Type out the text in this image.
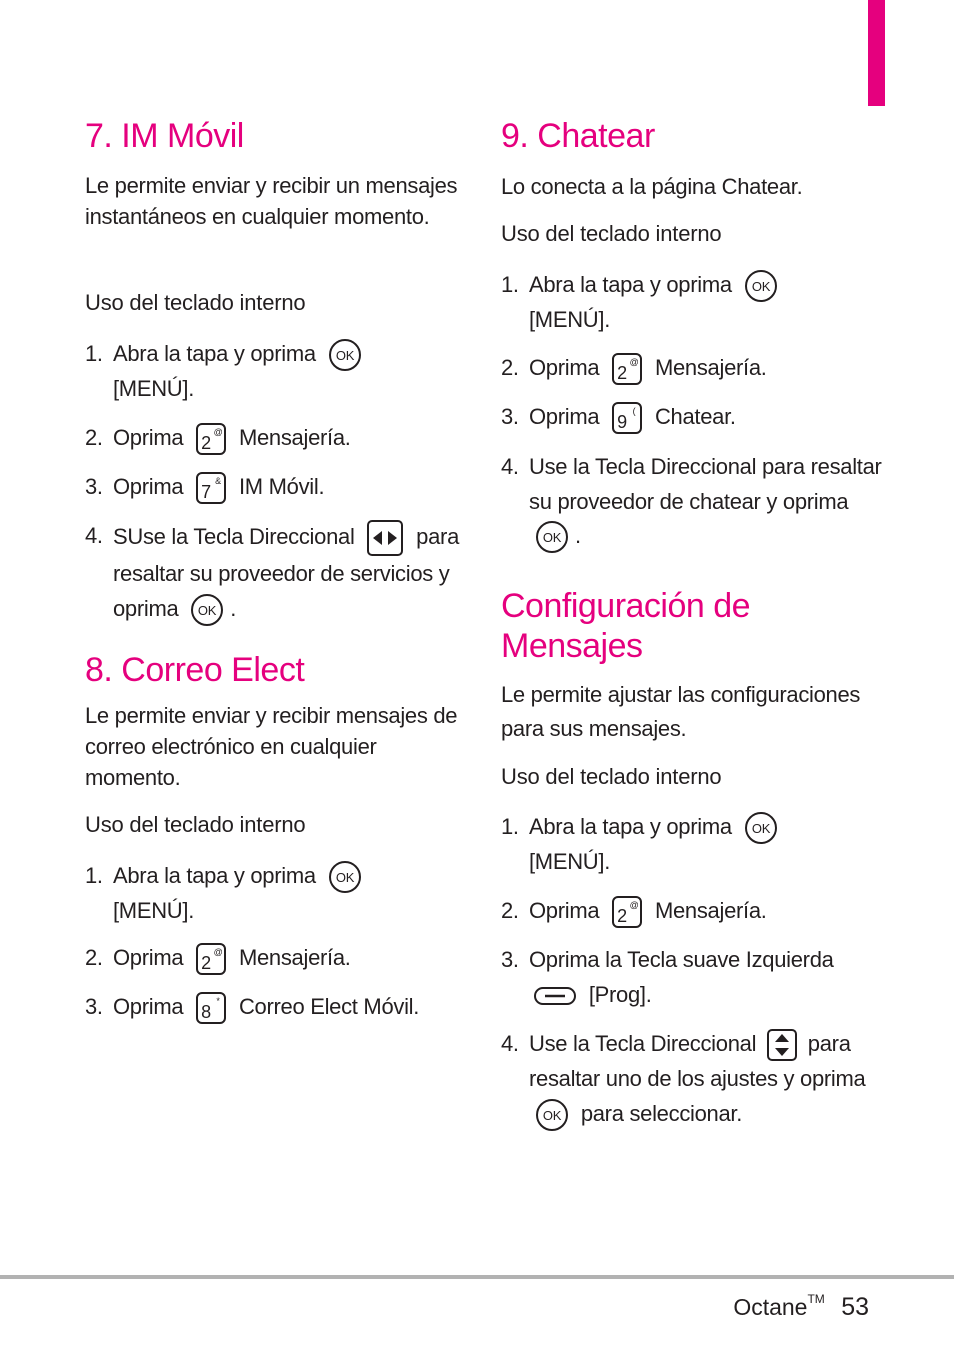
7. IM Móvil

Le permite enviar y recibir un mensajes instantáneos en cualquier momento.

Uso del teclado interno

1. Abra la tapa y oprima OK

[MENÚ].
2. Oprima 2
@ Mensajería.
3. Oprima 7
& IM Móvil.
4. SUse la Tecla Direccional	para resaltar su proveedor de servicios y oprima OK .
8. Correo Elect

Le permite enviar y recibir mensajes de correo electrónico en cualquier momento.

Uso del teclado interno

1. Abra la tapa y oprima OK

[MENÚ].
2. Oprima 2
@ Mensajería.
3. Oprima 8
* Correo Elect Móvil.
9. Chatear

Lo conecta a la página Chatear.

Uso del teclado interno

1. Abra la tapa y oprima OK

[MENÚ].
2. Oprima 2
@ Mensajería.
3. Oprima 9
( Chatear.
4. Use la Tecla Direccional para resaltar su proveedor de chatear y oprima
OK .
Configuración de Mensajes

Le permite ajustar las configuraciones para sus mensajes.

Uso del teclado interno

1. Abra la tapa y oprima OK

[MENÚ].
2. Oprima 2
@ Mensajería.
3. Oprima la Tecla suave Izquierda

[Prog].
4. Use la Tecla Direccional para resaltar uno de los ajustes y oprima
OK para seleccionar.
Octane™ 53
